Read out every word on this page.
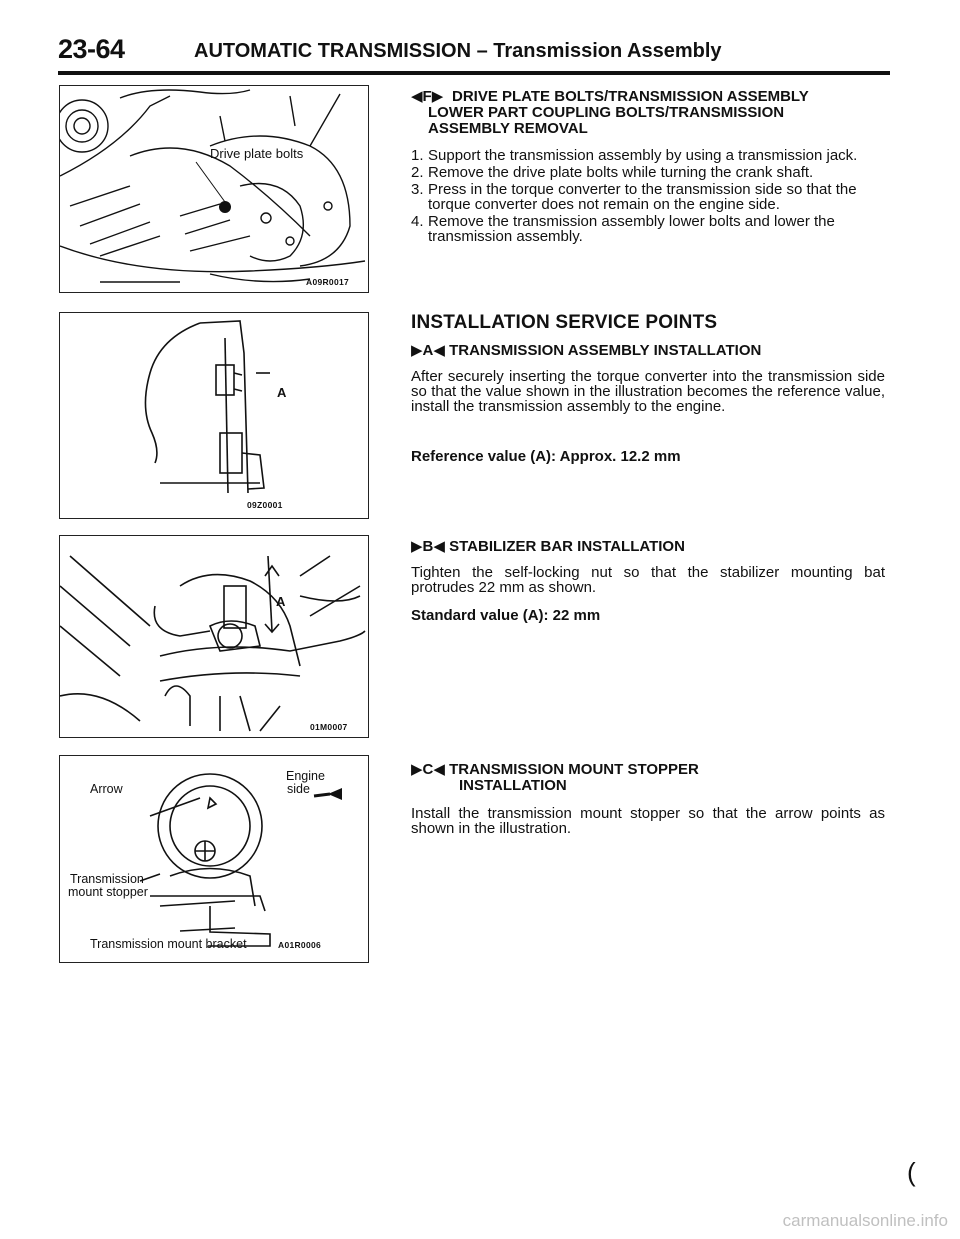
23-64	AUTOMATIC TRANSMISSION – Transmission Assembly
Drive plate bolts
A09R0017
A
09Z0001
A
01M0007
Arrow
Engine
side
Transmission
mount stopper
Transmission mount bracket	A01R0006
◀F▶DRIVE PLATE BOLTS/TRANSMISSION ASSEMBLY
LOWER PART COUPLING BOLTS/TRANSMISSION
ASSEMBLY REMOVAL
1. Support the transmission assembly by using a transmission jack.
2. Remove the drive plate bolts while turning the crank shaft.
3. Press in the torque converter to the transmission side so that the torque converter does not remain on the engine side.
4. Remove the transmission assembly lower bolts and lower the transmission assembly.
INSTALLATION SERVICE POINTS
▶A◀ TRANSMISSION ASSEMBLY INSTALLATION
After securely inserting the torque converter into the transmission side so that the value shown in the illustration becomes the reference value, install the transmission assembly to the engine.
Reference value (A): Approx. 12.2 mm
▶B◀ STABILIZER BAR INSTALLATION
Tighten the self-locking nut so that the stabilizer mounting bat protrudes 22 mm as shown.
Standard value (A): 22 mm
▶C◀ TRANSMISSION MOUNT STOPPER
INSTALLATION
Install the transmission mount stopper so that the arrow points as shown in the illustration.
(
carmanualsonline.info
